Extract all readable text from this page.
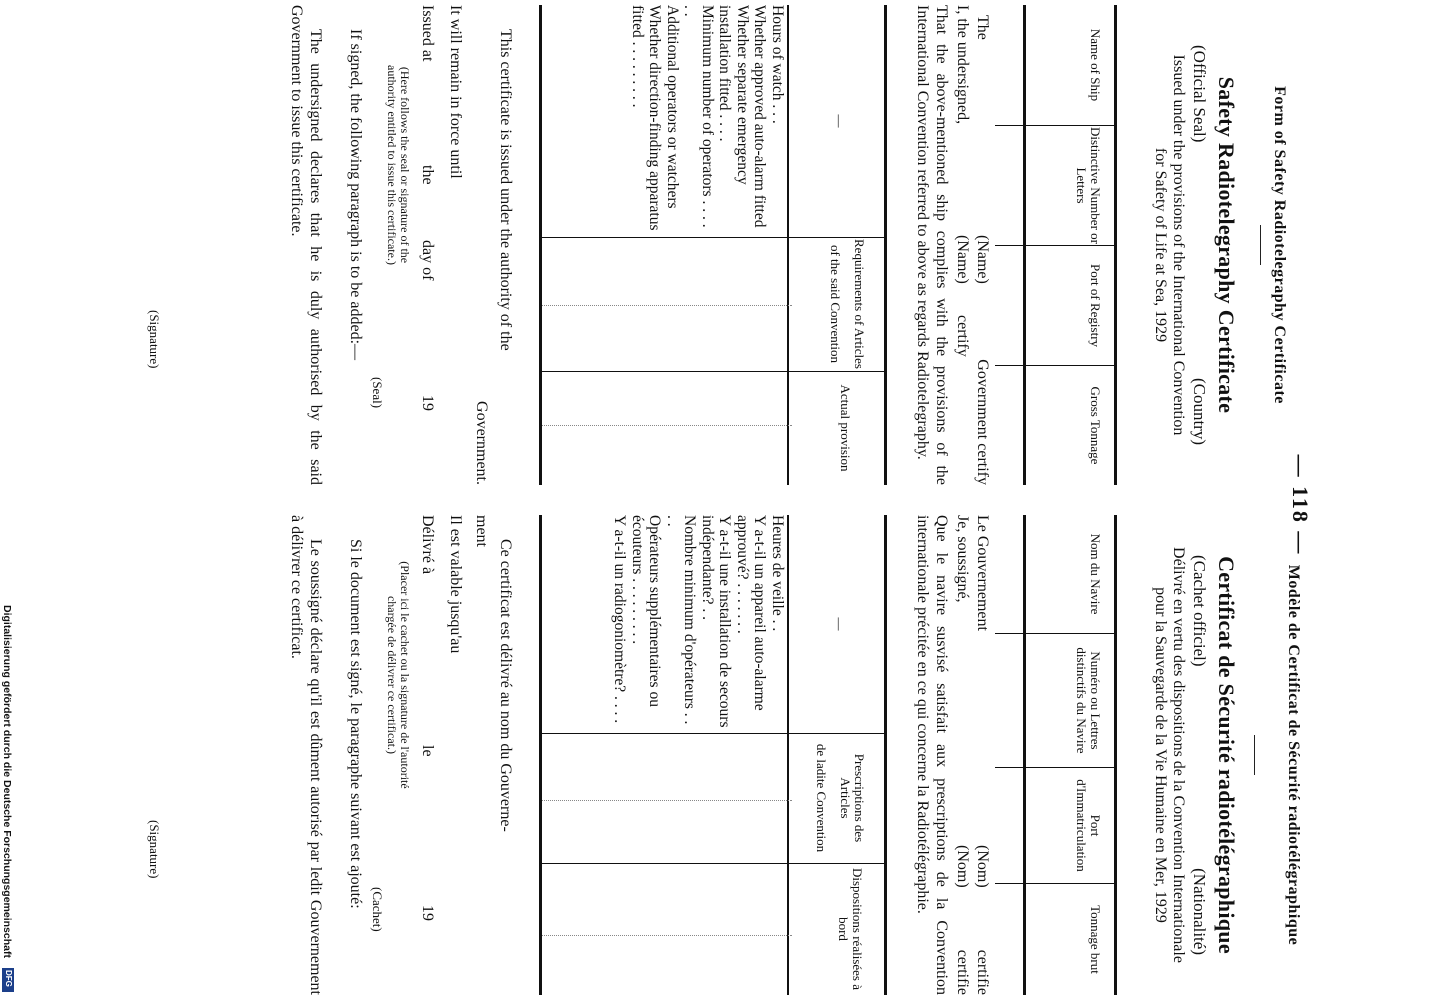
— 118 —
Form of Safety Radiotelegraphy Certificate
Safety Radiotelegraphy Certificate
(Official Seal)
(Country)
Issued under the provisions of the International Convention for Safety of Life at Sea, 1929
Name of Ship
Distinctive Number or Letters
Port of Registry
Gross Tonnage
The
(Name)
Government certify
I, the undersigned,
(Name)
certify
That the above-mentioned ship complies with the provisions of the International Convention referred to above as regards Radiotelegraphy.
—
Requirements of Articles
of the said Convention
Actual provision
Hours of watch . . .
Whether approved auto-alarm fitted
Whether separate emergency installation fitted . . . .
Minimum number of operators . . . . . .
Additional operators or watchers
Whether direction-finding apparatus fitted . . . . . . . . .
This certificate is issued under the authority of the
Government.
It will remain in force until
Issued at
the
day of
19
(Here follows the seal or signature of the authority entitled to issue this certificate.)
(Seal)
If signed, the following paragraph is to be added:—
The undersigned declares that he is duly authorised by the said Government to issue this certificate.
(Signature)
Modèle de Certificat de Sécurité radiotélégraphique
Certificat de Sécurité radiotélégraphique
(Cachet officiel)
(Nationalité)
Délivré en vertu des dispositions de la Convention Internationale pour la Sauvegarde de la Vie Humaine en Mer, 1929
Nom du Navire
Numéro ou Lettres distinctifs du Navire
Port d'Immatriculation
Tonnage brut
Le Gouvernement
(Nom)
certifie
Je, soussigné,
(Nom)
certifie
Que le navire susvisé satisfait aux prescriptions de la Convention internationale précitée en ce qui concerne la Radiotélégraphie.
—
Prescriptions des Articles
de ladite Convention
Dispositions réalisées à bord
Heures de veille . .
Y a-t-il un appareil auto-alarme approuvé? . . . . . . .
Y a-t-il une installation de secours indépendante? . .
Nombre minimum d'opérateurs . . . .
Opérateurs supplémentaires ou écouteurs . . . . . . . . .
Y a-t-il un radiogoniomètre? . . . .
Ce certificat est délivré au nom du Gouverne-
ment
Il est valable jusqu'au
Délivré à
le
19
(Placer ici le cachet ou la signature de l'autorité chargée de délivrer ce certificat.)
(Cachet)
Si le document est signé, le paragraphe suivant est ajouté:
Le soussigné déclare qu'il est dûment autorisé par ledit Gouvernement à délivrer ce certificat.
(Signature)
Digitalisierung gefördert durch die Deutsche Forschungsgemeinschaft
DFG
